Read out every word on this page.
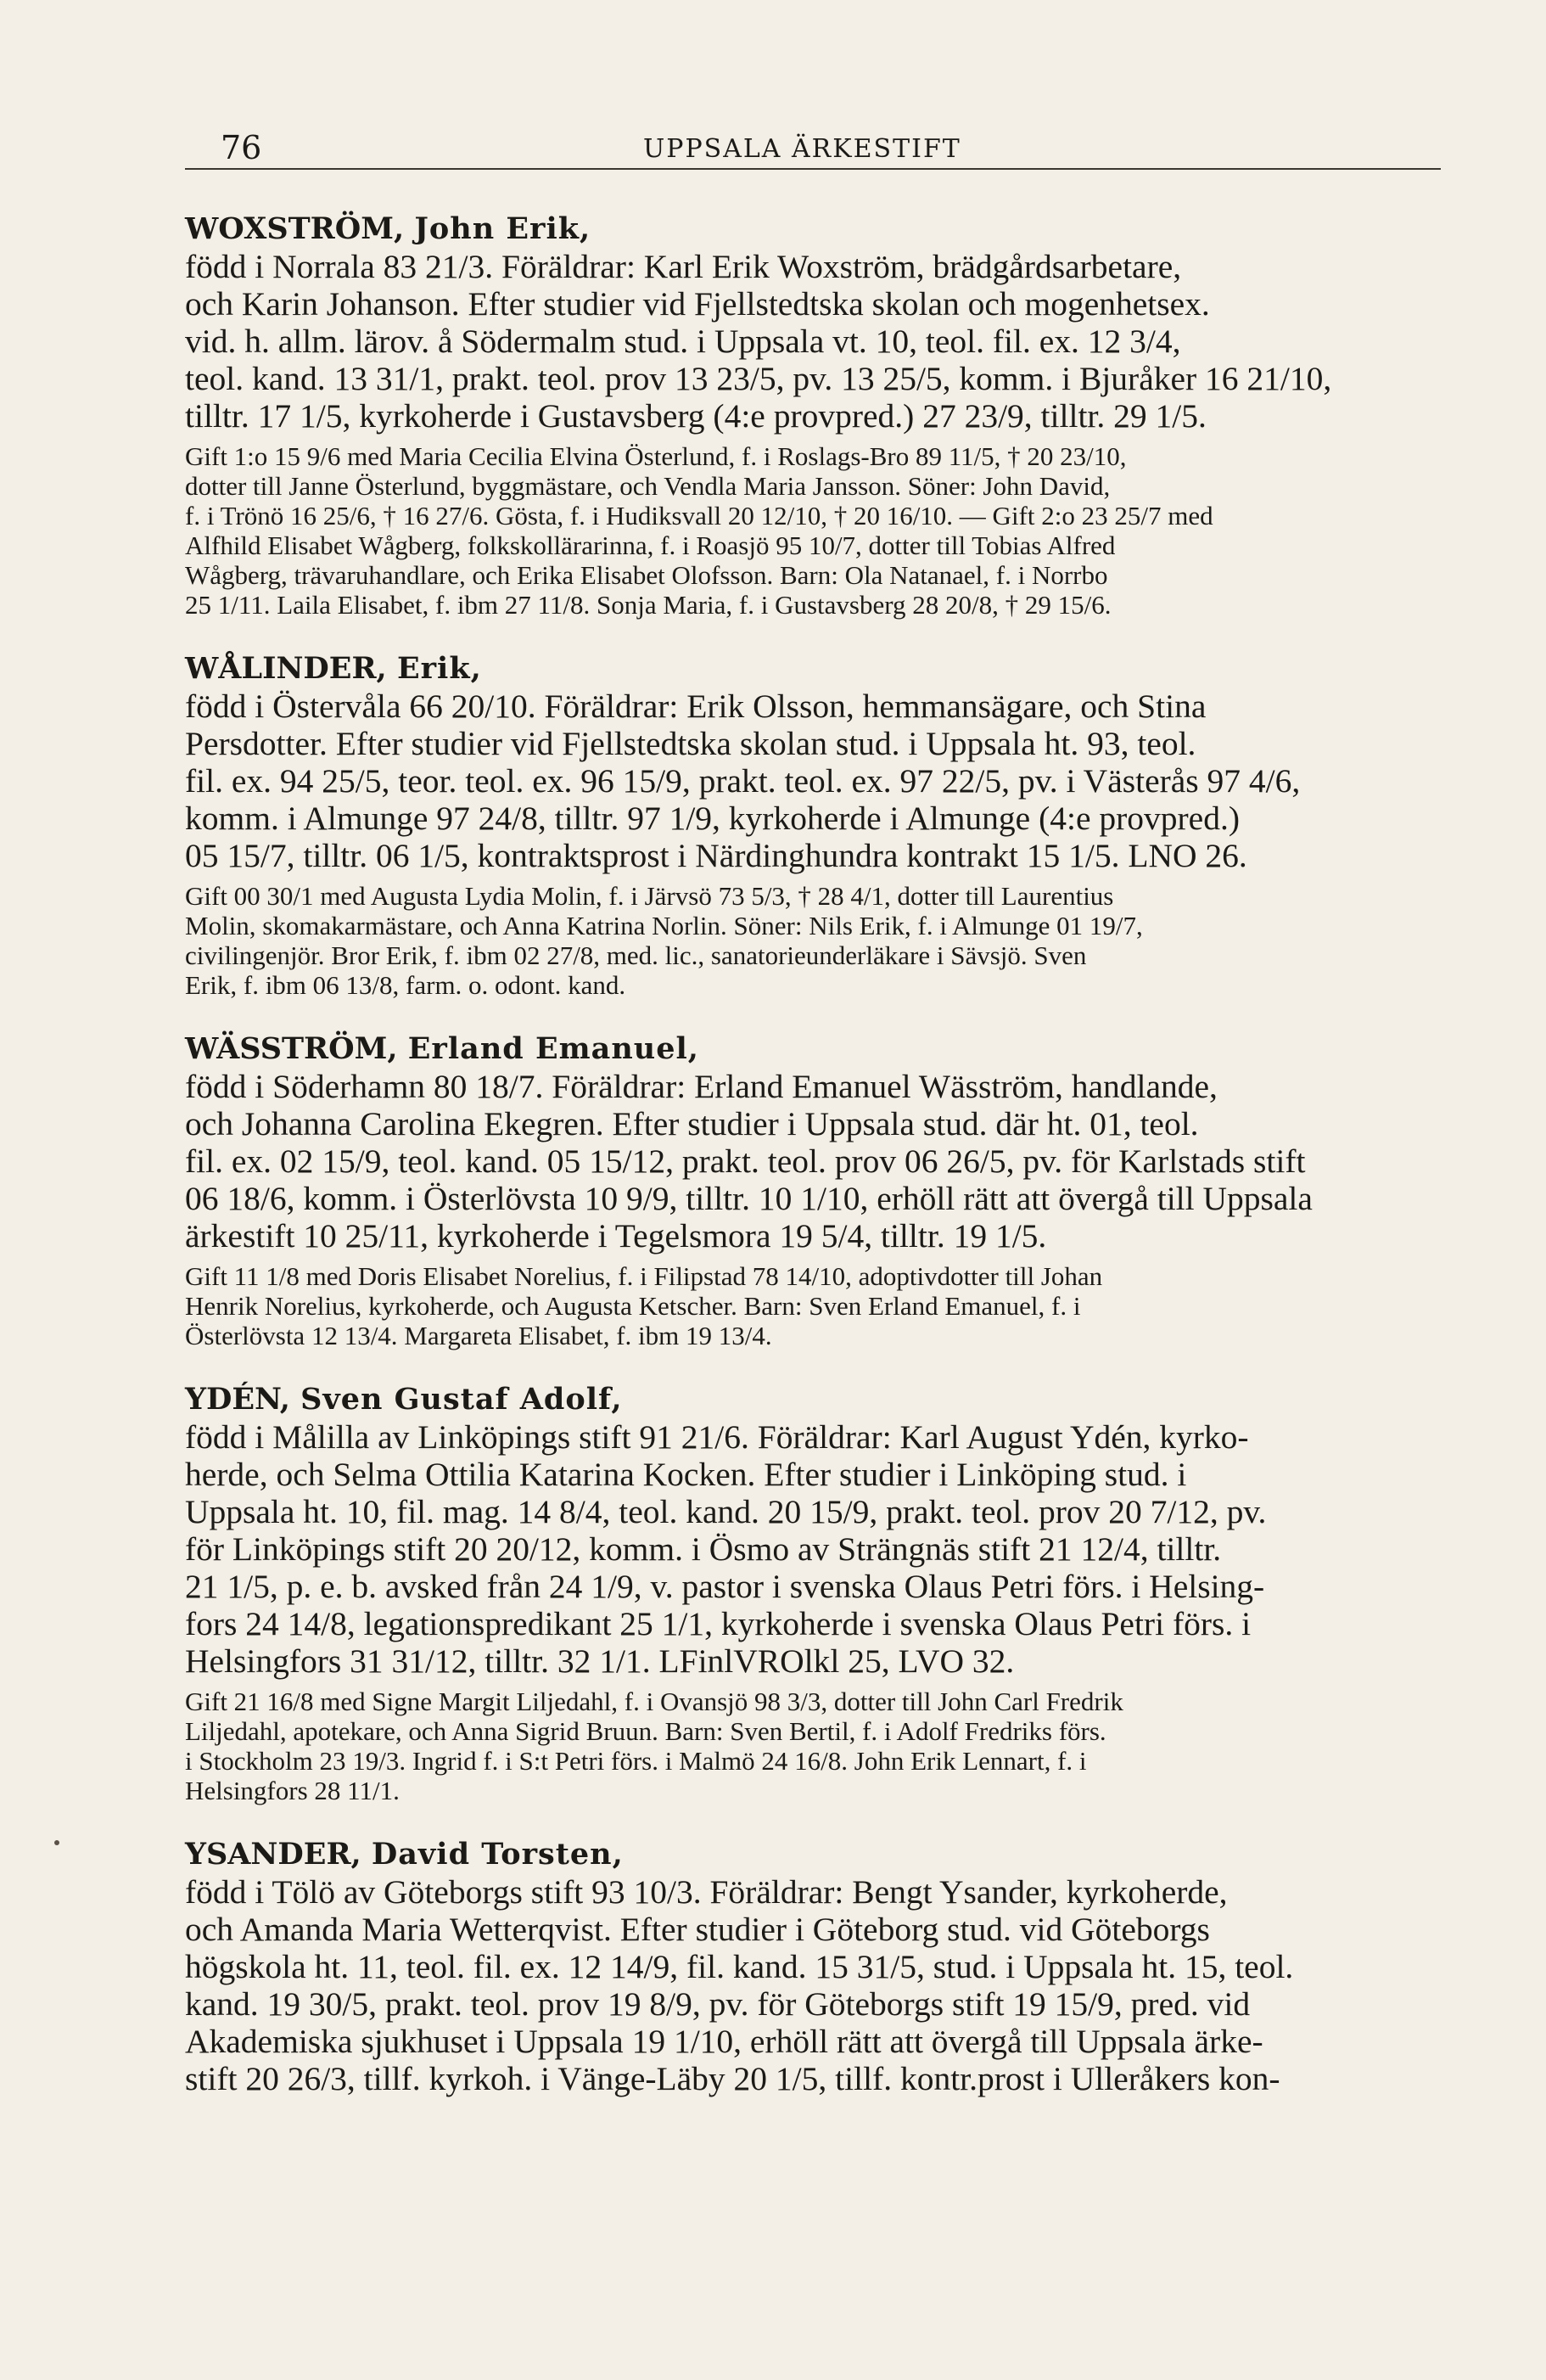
76	UPPSALA ÄRKESTIFT

WOXSTRÖM, John Erik,

född i Norrala 83 21/3. Föräldrar: Karl Erik Woxström, brädgårdsarbetare,
och Karin Johanson. Efter studier vid Fjellstedtska skolan och mogenhetsex.
vid. h. allm. lärov. å Södermalm stud. i Uppsala vt. 10, teol. fil. ex. 12 3/4,
teol. kand. 13 31/1, prakt. teol. prov 13 23/5, pv. 13 25/5, komm. i Bjuråker 16 21/10,
tilltr. 17 1/5, kyrkoherde i Gustavsberg (4:e provpred.) 27 23/9, tilltr. 29 1/5.

Gift 1:o 15 9/6 med Maria Cecilia Elvina Österlund, f. i Roslags-Bro 89 11/5, † 20 23/10,
dotter till Janne Österlund, byggmästare, och Vendla Maria Jansson. Söner: John David,
f. i Trönö 16 25/6, † 16 27/6. Gösta, f. i Hudiksvall 20 12/10, † 20 16/10. — Gift 2:o 23 25/7 med
Alfhild Elisabet Wågberg, folkskollärarinna, f. i Roasjö 95 10/7, dotter till Tobias Alfred
Wågberg, trävaruhandlare, och Erika Elisabet Olofsson. Barn: Ola Natanael, f. i Norrbo
25 1/11. Laila Elisabet, f. ibm 27 11/8. Sonja Maria, f. i Gustavsberg 28 20/8, † 29 15/6.

WÅLINDER, Erik,

född i Östervåla 66 20/10. Föräldrar: Erik Olsson, hemmansägare, och Stina
Persdotter. Efter studier vid Fjellstedtska skolan stud. i Uppsala ht. 93, teol.
fil. ex. 94 25/5, teor. teol. ex. 96 15/9, prakt. teol. ex. 97 22/5, pv. i Västerås 97 4/6,
komm. i Almunge 97 24/8, tilltr. 97 1/9, kyrkoherde i Almunge (4:e provpred.)
05 15/7, tilltr. 06 1/5, kontraktsprost i Närdinghundra kontrakt 15 1/5. LNO 26.

Gift 00 30/1 med Augusta Lydia Molin, f. i Järvsö 73 5/3, † 28 4/1, dotter till Laurentius
Molin, skomakarmästare, och Anna Katrina Norlin. Söner: Nils Erik, f. i Almunge 01 19/7,
civilingenjör. Bror Erik, f. ibm 02 27/8, med. lic., sanatorieunderläkare i Sävsjö. Sven
Erik, f. ibm 06 13/8, farm. o. odont. kand.

WÄSSTRÖM, Erland Emanuel,

född i Söderhamn 80 18/7. Föräldrar: Erland Emanuel Wäsström, handlande,
och Johanna Carolina Ekegren. Efter studier i Uppsala stud. där ht. 01, teol.
fil. ex. 02 15/9, teol. kand. 05 15/12, prakt. teol. prov 06 26/5, pv. för Karlstads stift
06 18/6, komm. i Österlövsta 10 9/9, tilltr. 10 1/10, erhöll rätt att övergå till Uppsala
ärkestift 10 25/11, kyrkoherde i Tegelsmora 19 5/4, tilltr. 19 1/5.

Gift 11 1/8 med Doris Elisabet Norelius, f. i Filipstad 78 14/10, adoptivdotter till Johan
Henrik Norelius, kyrkoherde, och Augusta Ketscher. Barn: Sven Erland Emanuel, f. i
Österlövsta 12 13/4. Margareta Elisabet, f. ibm 19 13/4.

YDÉN, Sven Gustaf Adolf,

född i Målilla av Linköpings stift 91 21/6. Föräldrar: Karl August Ydén, kyrko-
herde, och Selma Ottilia Katarina Kocken. Efter studier i Linköping stud. i
Uppsala ht. 10, fil. mag. 14 8/4, teol. kand. 20 15/9, prakt. teol. prov 20 7/12, pv.
för Linköpings stift 20 20/12, komm. i Ösmo av Strängnäs stift 21 12/4, tilltr.
21 1/5, p. e. b. avsked från 24 1/9, v. pastor i svenska Olaus Petri förs. i Helsing-
fors 24 14/8, legationspredikant 25 1/1, kyrkoherde i svenska Olaus Petri förs. i
Helsingfors 31 31/12, tilltr. 32 1/1. LFinlVROlkl 25, LVO 32.

Gift 21 16/8 med Signe Margit Liljedahl, f. i Ovansjö 98 3/3, dotter till John Carl Fredrik
Liljedahl, apotekare, och Anna Sigrid Bruun. Barn: Sven Bertil, f. i Adolf Fredriks förs.
i Stockholm 23 19/3. Ingrid f. i S:t Petri förs. i Malmö 24 16/8. John Erik Lennart, f. i
Helsingfors 28 11/1.

YSANDER, David Torsten,

född i Tölö av Göteborgs stift 93 10/3. Föräldrar: Bengt Ysander, kyrkoherde,
och Amanda Maria Wetterqvist. Efter studier i Göteborg stud. vid Göteborgs
högskola ht. 11, teol. fil. ex. 12 14/9, fil. kand. 15 31/5, stud. i Uppsala ht. 15, teol.
kand. 19 30/5, prakt. teol. prov 19 8/9, pv. för Göteborgs stift 19 15/9, pred. vid
Akademiska sjukhuset i Uppsala 19 1/10, erhöll rätt att övergå till Uppsala ärke-
stift 20 26/3, tillf. kyrkoh. i Vänge-Läby 20 1/5, tillf. kontr.prost i Ulleråkers kon-
